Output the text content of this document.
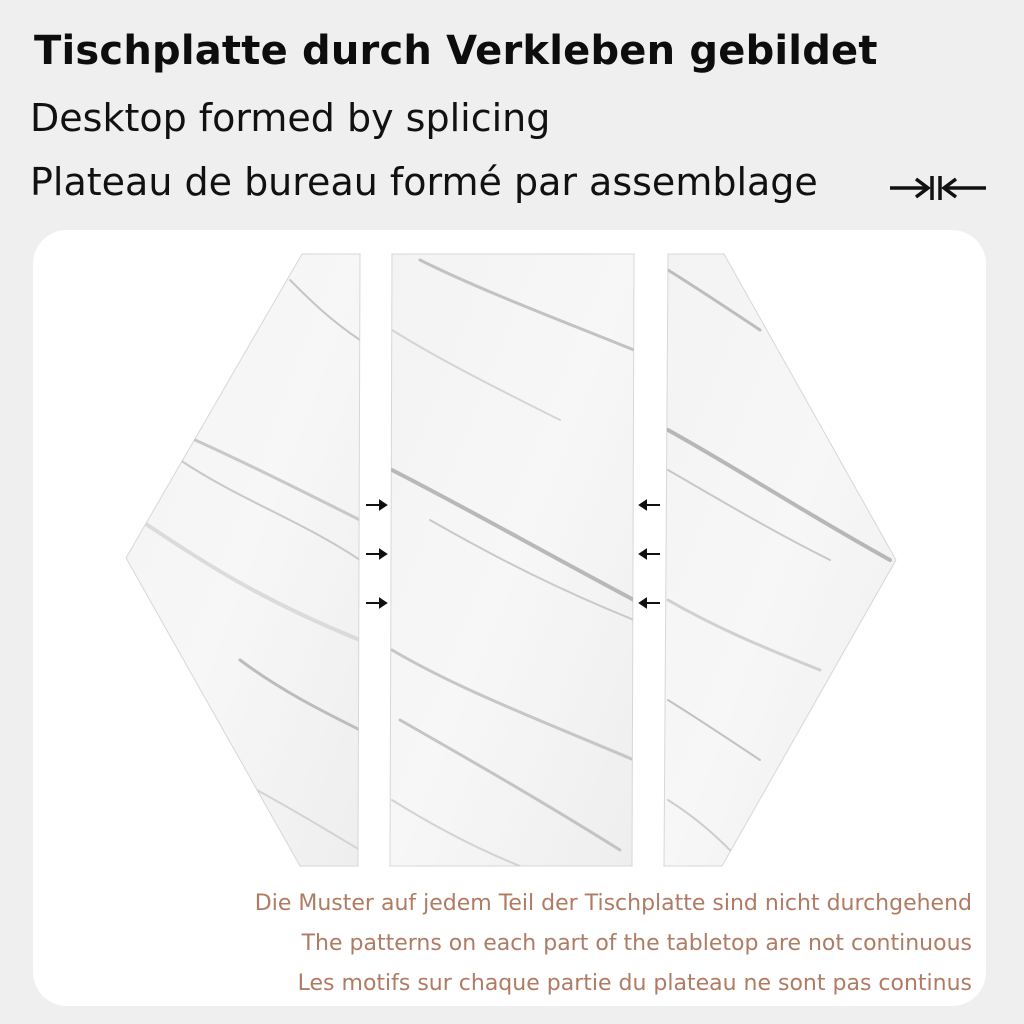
Tischplatte durch Verkleben gebildet
Desktop formed by splicing
Plateau de bureau formé par assemblage
Die Muster auf jedem Teil der Tischplatte sind nicht durchgehend
The patterns on each part of the tabletop are not continuous
Les motifs sur chaque partie du plateau ne sont pas continus
